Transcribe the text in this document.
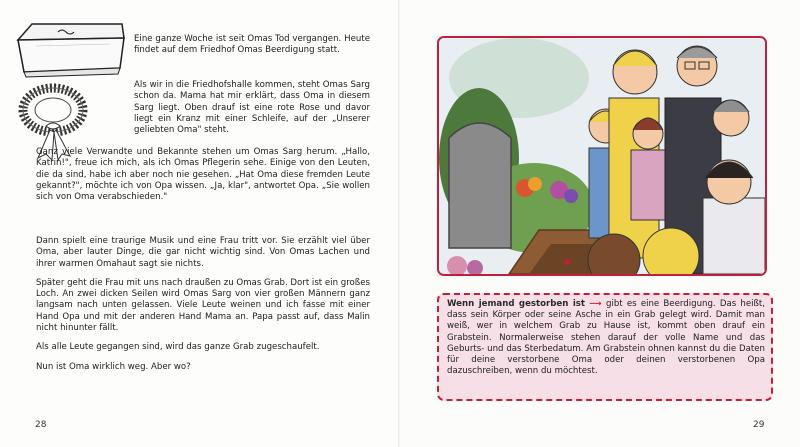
Eine ganze Woche ist seit Omas Tod vergangen. Heute findet auf dem Friedhof Omas Beerdigung statt.

Als wir in die Friedhofshalle kommen, steht Omas Sarg schon da. Mama hat mir erklärt, dass Oma in diesem Sarg liegt. Oben drauf ist eine rote Rose und davor liegt ein Kranz mit einer Schleife, auf der „Unserer geliebten Oma" steht.

Ganz viele Verwandte und Bekannte stehen um Omas Sarg herum. „Hallo, Katrin!", freue ich mich, als ich Omas Pflegerin sehe. Einige von den Leuten, die da sind, habe ich aber noch nie gesehen. „Hat Oma diese fremden Leute gekannt?", möchte ich von Opa wissen. „Ja, klar", antwortet Opa. „Sie wollen sich von Oma verabschieden."

Dann spielt eine traurige Musik und eine Frau tritt vor. Sie erzählt viel über Oma, aber lauter Dinge, die gar nicht wichtig sind. Von Omas Lachen und ihrer warmen Omahaut sagt sie nichts.

Später geht die Frau mit uns nach draußen zu Omas Grab. Dort ist ein großes Loch. An zwei dicken Seilen wird Omas Sarg von vier großen Männern ganz langsam nach unten gelassen. Viele Leute weinen und ich fasse mit einer Hand Opa und mit der anderen Hand Mama an. Papa passt auf, dass Malin nicht hinunter fällt.

Als alle Leute gegangen sind, wird das ganze Grab zugeschaufelt.

Nun ist Oma wirklich weg. Aber wo?

28
Wenn jemand gestorben ist ⟶ gibt es eine Beerdigung. Das heißt, dass sein Körper oder seine Asche in ein Grab gelegt wird. Damit man weiß, wer in welchem Grab zu Hause ist, kommt oben drauf ein Grabstein. Normalerweise stehen darauf der volle Name und das Geburts- und das Sterbedatum. Am Grabstein ohnen kannst du die Daten für deine verstorbene Oma oder deinen verstorbenen Opa dazuschreiben, wenn du möchtest.
29
